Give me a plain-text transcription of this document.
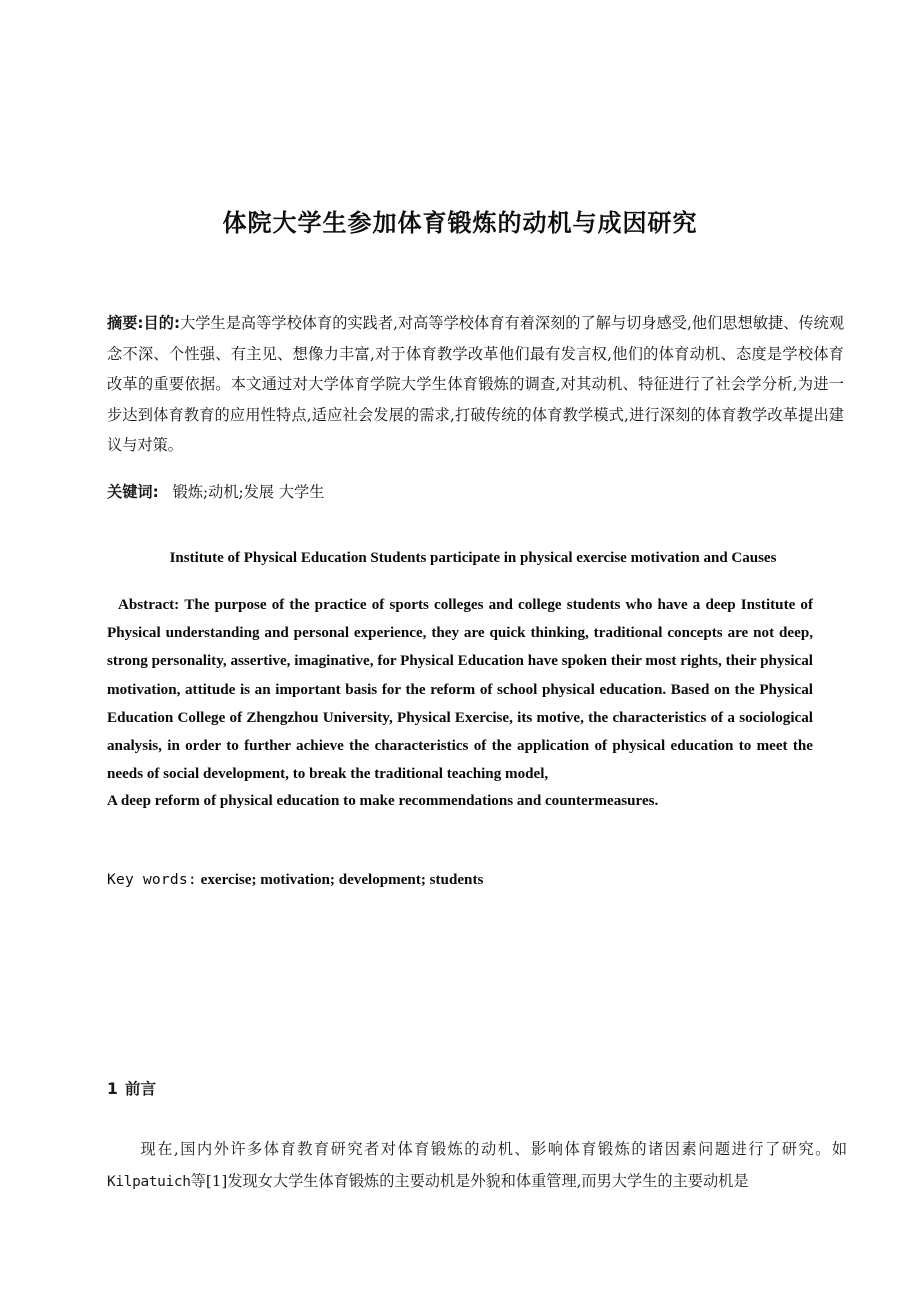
体院大学生参加体育锻炼的动机与成因研究
摘要:目的:大学生是高等学校体育的实践者,对高等学校体育有着深刻的了解与切身感受,他们思想敏捷、传统观念不深、个性强、有主见、想像力丰富,对于体育教学改革他们最有发言权,他们的体育动机、态度是学校体育改革的重要依据。本文通过对大学体育学院大学生体育锻炼的调查,对其动机、特征进行了社会学分析,为进一步达到体育教育的应用性特点,适应社会发展的需求,打破传统的体育教学模式,进行深刻的体育教学改革提出建议与对策。
关键词: 锻炼;动机;发展 大学生
Institute of Physical Education Students participate in physical exercise motivation and Causes
Abstract: The purpose of the practice of sports colleges and college students who have a deep Institute of Physical understanding and personal experience, they are quick thinking, traditional concepts are not deep, strong personality, assertive, imaginative, for Physical Education have spoken their most rights, their physical motivation, attitude is an important basis for the reform of school physical education. Based on the Physical Education College of Zhengzhou University, Physical Exercise, its motive, the characteristics of a sociological analysis, in order to further achieve the characteristics of the application of physical education to meet the needs of social development, to break the traditional teaching model,
A deep reform of physical education to make recommendations and countermeasures.
Key words: exercise; motivation; development; students
1 前言

现在,国内外许多体育教育研究者对体育锻炼的动机、影响体育锻炼的诸因素问题进行了研究。如Kilpatuich等[1]发现女大学生体育锻炼的主要动机是外貌和体重管理,而男大学生的主要动机是
